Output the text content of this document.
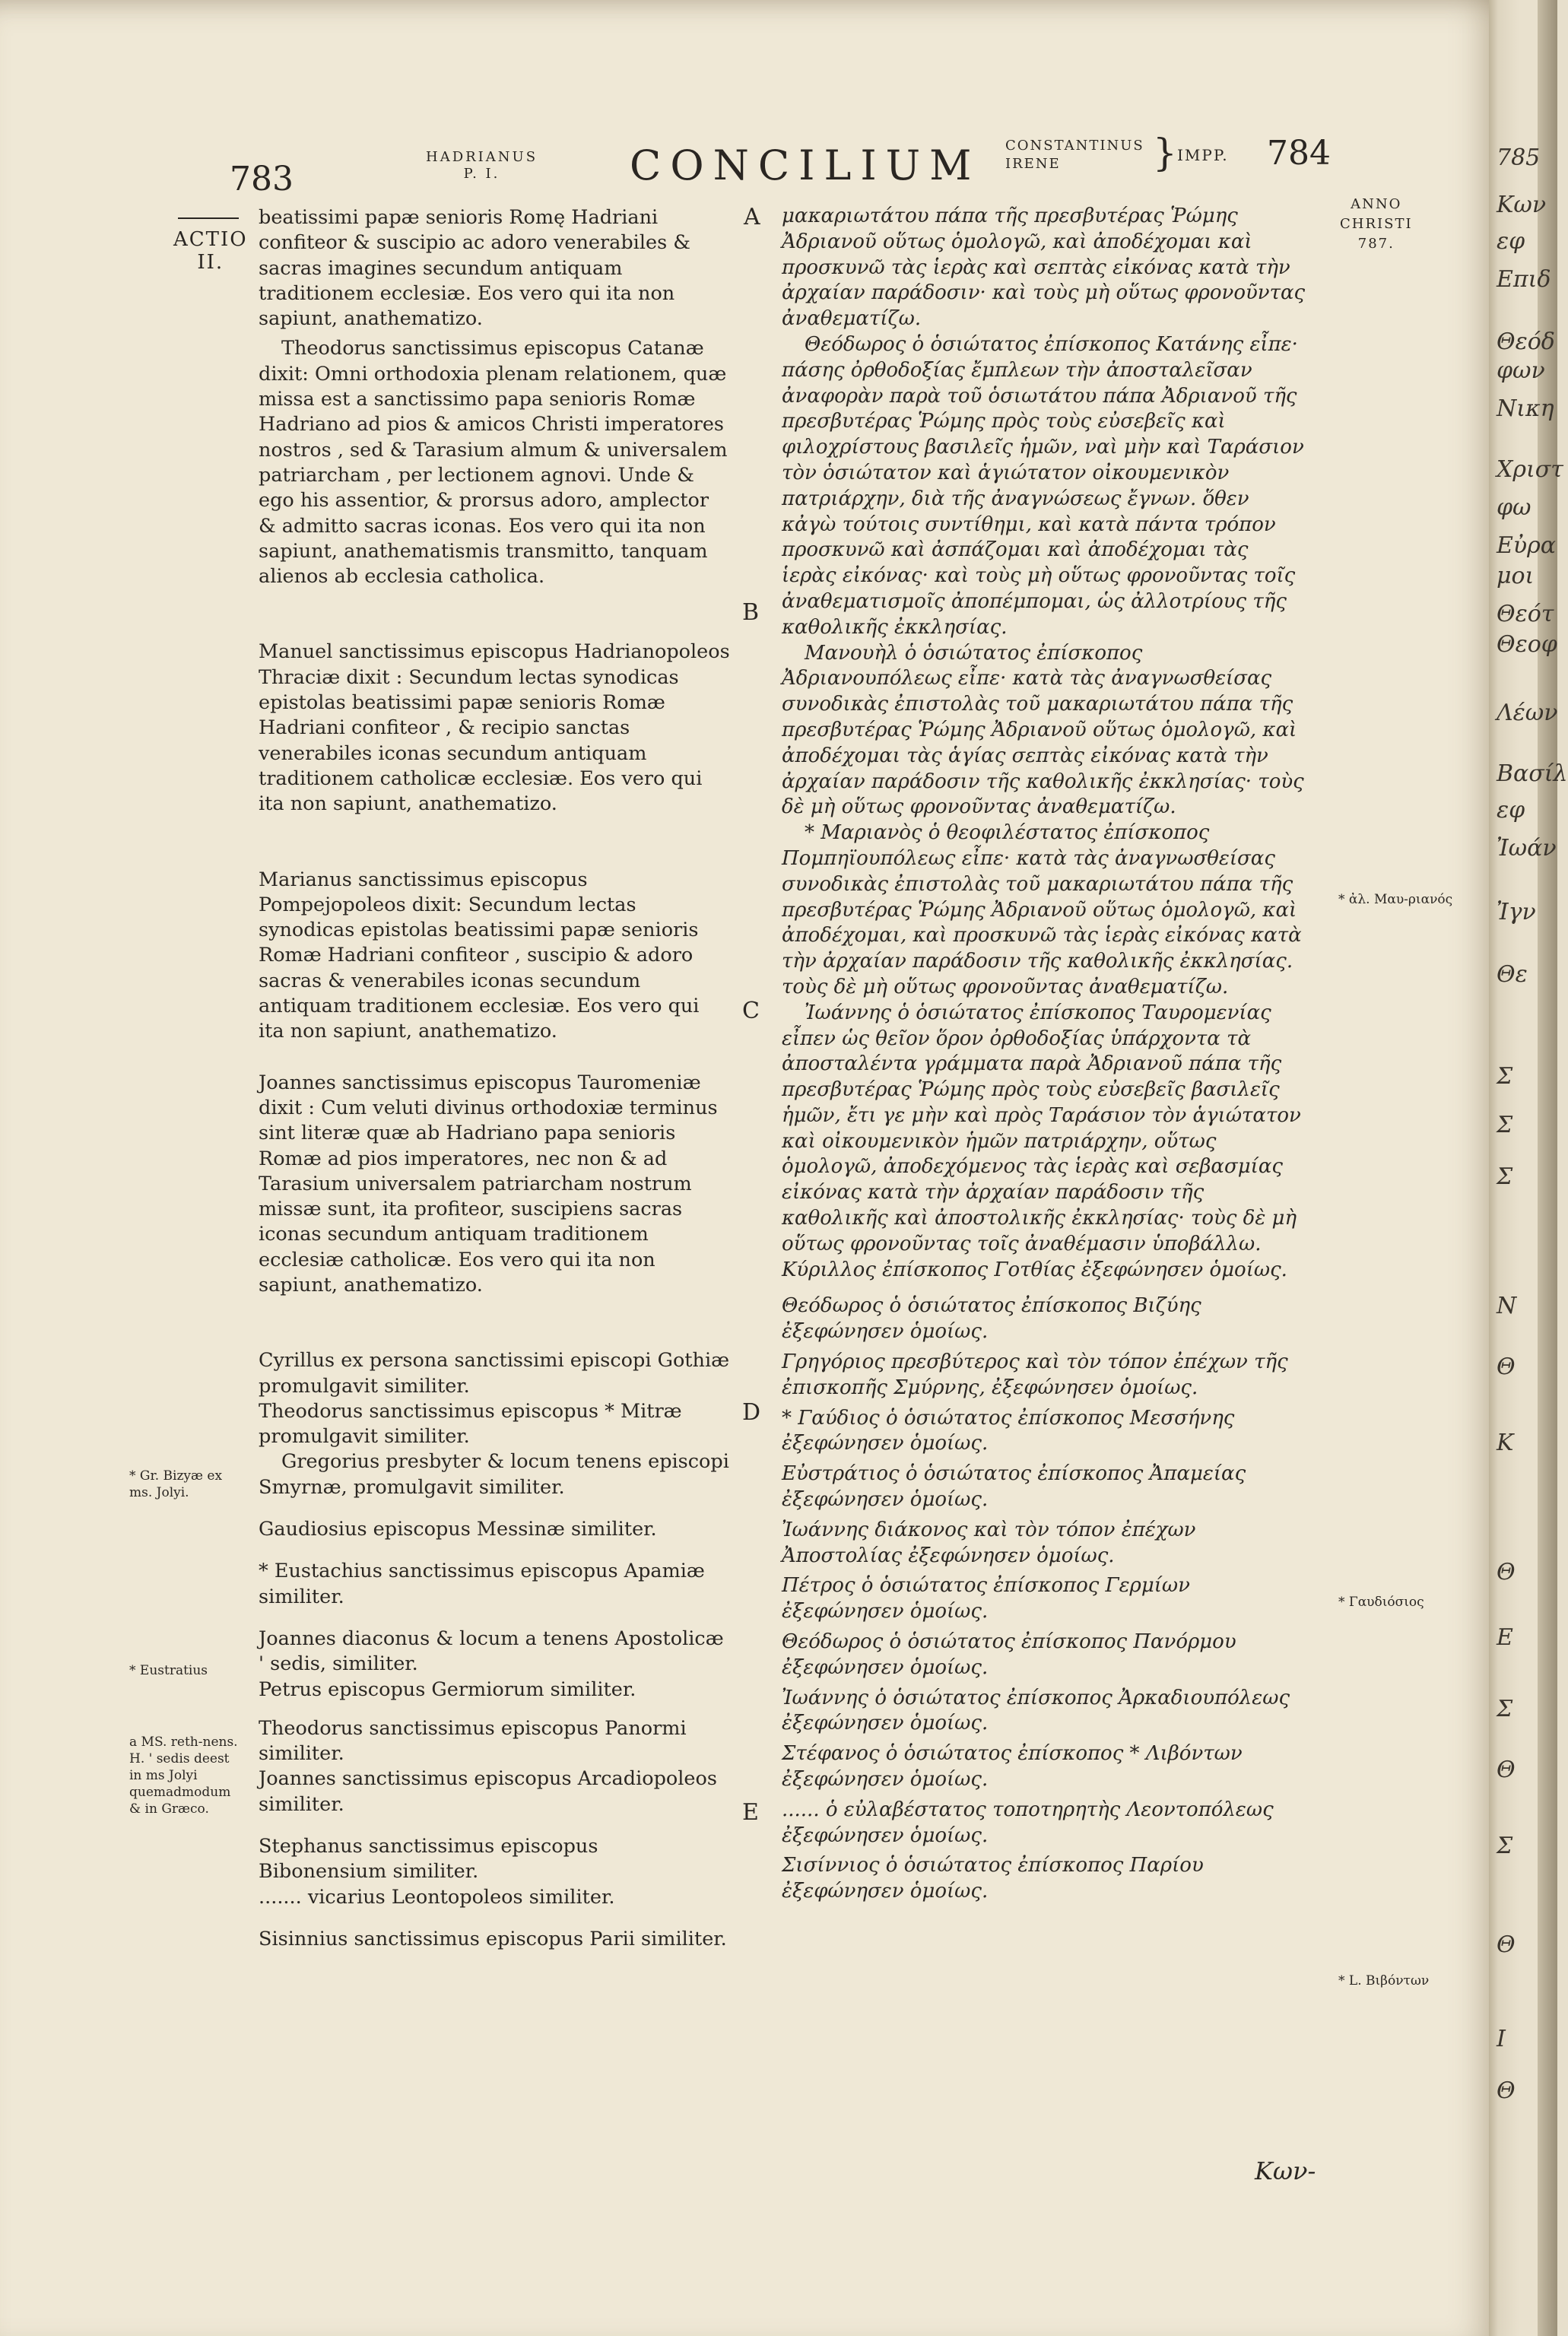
783
HADRIANUS
P. I.	CONCILIUM CONSTANTINUS
IRENE	} IMPP. 784
ACTIO
II.
ANNO
CHRISTI
787.
A
B
C
D
E
* Gr. Bizyæ ex ms. Jolyi.
* Eustratius
a MS. reth-nens. H. ' sedis deest in ms Jolyi quemadmodum & in Græco.
* ἀλ. Μαυ-ριανός
* Γαυδιόσιος
* L. Βιβόντων

beatissimi papæ senioris Romę Hadriani confiteor & suscipio ac adoro venerabiles & sacras imagines secundum antiquam traditionem ecclesiæ. Eos vero qui ita non sapiunt, anathematizo.

Theodorus sanctissimus episcopus Catanæ dixit: Omni orthodoxia plenam relationem, quæ missa est a sanctissimo papa senioris Romæ Hadriano ad pios & amicos Christi imperatores nostros , sed & Tarasium almum & universalem patriarcham , per lectionem agnovi. Unde & ego his assentior, & prorsus adoro, amplector & admitto sacras iconas. Eos vero qui ita non sapiunt, anathematismis transmitto, tanquam alienos ab ecclesia catholica.

Manuel sanctissimus episcopus Hadrianopoleos Thraciæ dixit : Secundum lectas synodicas epistolas beatissimi papæ senioris Romæ Hadriani confiteor , & recipio sanctas venerabiles iconas secundum antiquam traditionem catholicæ ecclesiæ. Eos vero qui ita non sapiunt, anathematizo.

Marianus sanctissimus episcopus Pompejopoleos dixit: Secundum lectas synodicas epistolas beatissimi papæ senioris Romæ Hadriani confiteor , suscipio & adoro sacras & venerabiles iconas secundum antiquam traditionem ecclesiæ. Eos vero qui ita non sapiunt, anathematizo.

Joannes sanctissimus episcopus Tauromeniæ dixit : Cum veluti divinus orthodoxiæ terminus sint literæ quæ ab Hadriano papa senioris Romæ ad pios imperatores, nec non & ad Tarasium universalem patriarcham nostrum missæ sunt, ita profiteor, suscipiens sacras iconas secundum antiquam traditionem ecclesiæ catholicæ. Eos vero qui ita non sapiunt, anathematizo.

Cyrillus ex persona sanctissimi episcopi Gothiæ promulgavit similiter.

Theodorus sanctissimus episcopus * Mitræ promulgavit similiter.

Gregorius presbyter & locum tenens episcopi Smyrnæ, promulgavit similiter.

Gaudiosius episcopus Messinæ similiter.

* Eustachius sanctissimus episcopus Apamiæ similiter.

Joannes diaconus & locum a tenens Apostolicæ ' sedis, similiter.

Petrus episcopus Germiorum similiter.

Theodorus sanctissimus episcopus Panormi similiter.

Joannes sanctissimus episcopus Arcadiopoleos similiter.

Stephanus sanctissimus episcopus Bibonensium similiter.

....... vicarius Leontopoleos similiter.

Sisinnius sanctissimus episcopus Parii similiter.

μακαριωτάτου πάπα τῆς πρεσβυτέρας Ῥώμης Ἀδριανοῦ οὕτως ὁμολογῶ, καὶ ἀποδέχομαι καὶ προσκυνῶ τὰς ἱερὰς καὶ σεπτὰς εἰκόνας κατὰ τὴν ἀρχαίαν παράδοσιν· καὶ τοὺς μὴ οὕτως φρονοῦντας ἀναθεματίζω.

Θεόδωρος ὁ ὁσιώτατος ἐπίσκοπος Κατάνης εἶπε· πάσης ὀρθοδοξίας ἔμπλεων τὴν ἀποσταλεῖσαν ἀναφορὰν παρὰ τοῦ ὁσιωτάτου πάπα Ἀδριανοῦ τῆς πρεσβυτέρας Ῥώμης πρὸς τοὺς εὐσεβεῖς καὶ φιλοχρίστους βασιλεῖς ἡμῶν, ναὶ μὴν καὶ Ταράσιον τὸν ὁσιώτατον καὶ ἁγιώτατον οἰκουμενικὸν πατριάρχην, διὰ τῆς ἀναγνώσεως ἔγνων. ὅθεν κἀγὼ τούτοις συντίθημι, καὶ κατὰ πάντα τρόπον προσκυνῶ καὶ ἀσπάζομαι καὶ ἀποδέχομαι τὰς ἱερὰς εἰκόνας· καὶ τοὺς μὴ οὕτως φρονοῦντας τοῖς ἀναθεματισμοῖς ἀποπέμπομαι, ὡς ἀλλοτρίους τῆς καθολικῆς ἐκκλησίας.

Μανουὴλ ὁ ὁσιώτατος ἐπίσκοπος Ἀδριανουπόλεως εἶπε· κατὰ τὰς ἀναγνωσθείσας συνοδικὰς ἐπιστολὰς τοῦ μακαριωτάτου πάπα τῆς πρεσβυτέρας Ῥώμης Ἀδριανοῦ οὕτως ὁμολογῶ, καὶ ἀποδέχομαι τὰς ἁγίας σεπτὰς εἰκόνας κατὰ τὴν ἀρχαίαν παράδοσιν τῆς καθολικῆς ἐκκλησίας· τοὺς δὲ μὴ οὕτως φρονοῦντας ἀναθεματίζω.

* Μαριανὸς ὁ θεοφιλέστατος ἐπίσκοπος Πομπηϊουπόλεως εἶπε· κατὰ τὰς ἀναγνωσθείσας συνοδικὰς ἐπιστολὰς τοῦ μακαριωτάτου πάπα τῆς πρεσβυτέρας Ῥώμης Ἀδριανοῦ οὕτως ὁμολογῶ, καὶ ἀποδέχομαι, καὶ προσκυνῶ τὰς ἱερὰς εἰκόνας κατὰ τὴν ἀρχαίαν παράδοσιν τῆς καθολικῆς ἐκκλησίας. τοὺς δὲ μὴ οὕτως φρονοῦντας ἀναθεματίζω.

Ἰωάννης ὁ ὁσιώτατος ἐπίσκοπος Ταυρομενίας εἶπεν ὡς θεῖον ὅρον ὀρθοδοξίας ὑπάρχοντα τὰ ἀποσταλέντα γράμματα παρὰ Ἀδριανοῦ πάπα τῆς πρεσβυτέρας Ῥώμης πρὸς τοὺς εὐσεβεῖς βασιλεῖς ἡμῶν, ἔτι γε μὴν καὶ πρὸς Ταράσιον τὸν ἁγιώτατον καὶ οἰκουμενικὸν ἡμῶν πατριάρχην, οὕτως ὁμολογῶ, ἀποδεχόμενος τὰς ἱερὰς καὶ σεβασμίας εἰκόνας κατὰ τὴν ἀρχαίαν παράδοσιν τῆς καθολικῆς καὶ ἀποστολικῆς ἐκκλησίας· τοὺς δὲ μὴ οὕτως φρονοῦντας τοῖς ἀναθέμασιν ὑποβάλλω.

Κύριλλος ἐπίσκοπος Γοτθίας ἐξεφώνησεν ὁμοίως.

Θεόδωρος ὁ ὁσιώτατος ἐπίσκοπος Βιζύης ἐξεφώνησεν ὁμοίως.

Γρηγόριος πρεσβύτερος καὶ τὸν τόπον ἐπέχων τῆς ἐπισκοπῆς Σμύρνης, ἐξεφώνησεν ὁμοίως.

* Γαύδιος ὁ ὁσιώτατος ἐπίσκοπος Μεσσήνης ἐξεφώνησεν ὁμοίως.

Εὐστράτιος ὁ ὁσιώτατος ἐπίσκοπος Ἀπαμείας ἐξεφώνησεν ὁμοίως.

Ἰωάννης διάκονος καὶ τὸν τόπον ἐπέχων Ἀποστολίας ἐξεφώνησεν ὁμοίως.

Πέτρος ὁ ὁσιώτατος ἐπίσκοπος Γερμίων ἐξεφώνησεν ὁμοίως.

Θεόδωρος ὁ ὁσιώτατος ἐπίσκοπος Πανόρμου ἐξεφώνησεν ὁμοίως.

Ἰωάννης ὁ ὁσιώτατος ἐπίσκοπος Ἀρκαδιουπόλεως ἐξεφώνησεν ὁμοίως.

Στέφανος ὁ ὁσιώτατος ἐπίσκοπος * Λιβόντων ἐξεφώνησεν ὁμοίως.

...... ὁ εὐλαβέστατος τοποτηρητὴς Λεοντοπόλεως ἐξεφώνησεν ὁμοίως.

Σισίννιος ὁ ὁσιώτατος ἐπίσκοπος Παρίου ἐξεφώνησεν ὁμοίως.

Κων-
785
Κων
εφ
Επιδ
Θεόδ
φων
Νικη
Χριστ
φω
Εὐρα
μοι
Θεότ
Θεοφ
Λέων
Βασίλ
εφ
Ἰωάν
Ἰγν
Θε
Σ
Σ
Σ
Ν
Θ
Κ
Θ
Ε
Σ
Θ
Σ
Θ
Ι
Θ
